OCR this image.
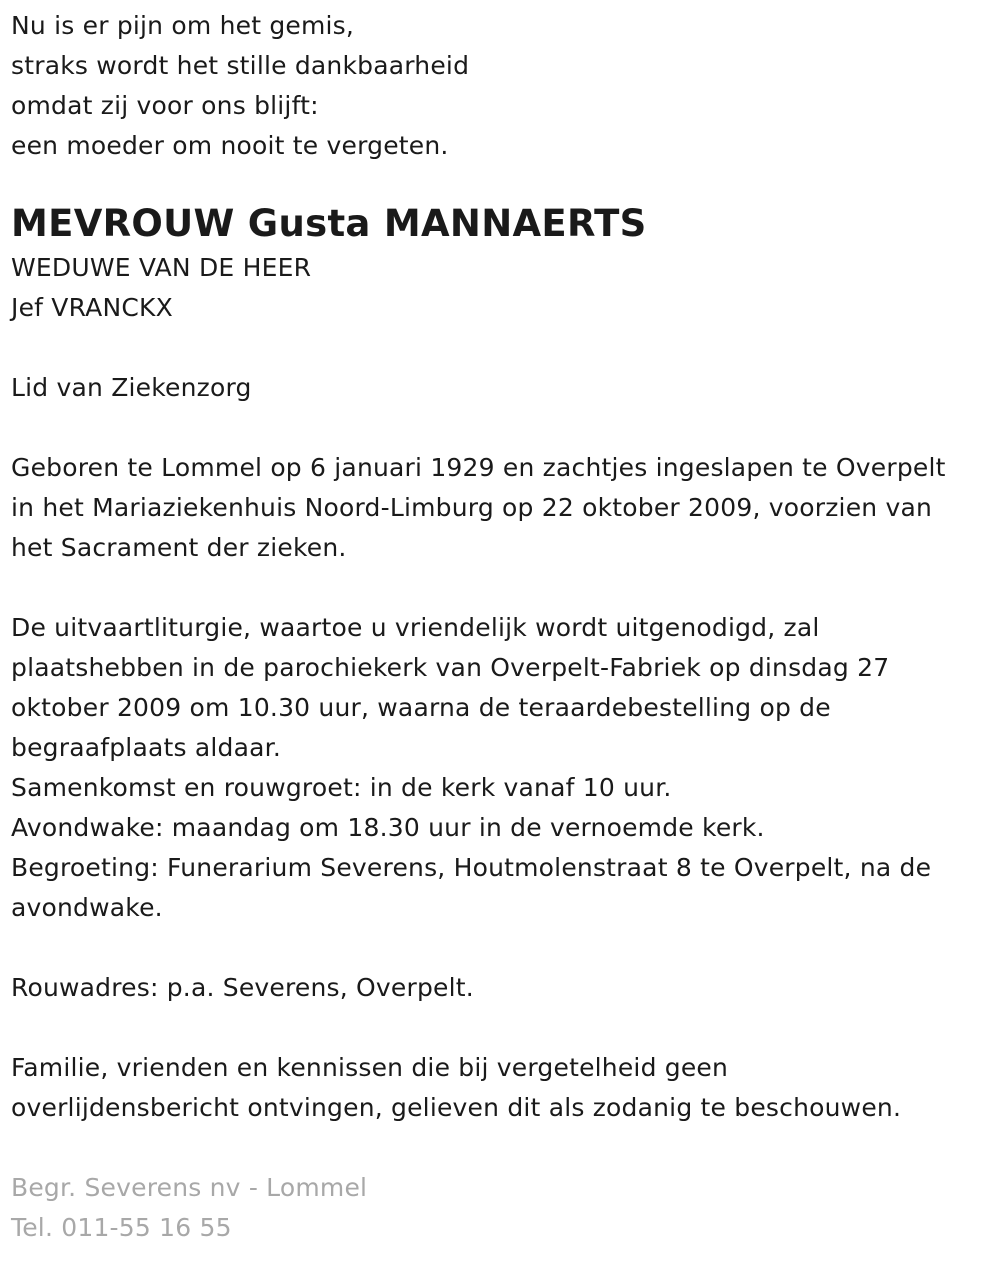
Nu is er pijn om het gemis,
straks wordt het stille dankbaarheid
omdat zij voor ons blijft:
een moeder om nooit te vergeten.
MEVROUW Gusta MANNAERTS
WEDUWE VAN DE HEER
Jef VRANCKX
Lid van Ziekenzorg
Geboren te Lommel op 6 januari 1929 en zachtjes ingeslapen te Overpelt
in het Mariaziekenhuis Noord-Limburg op 22 oktober 2009, voorzien van
het Sacrament der zieken.
De uitvaartliturgie, waartoe u vriendelijk wordt uitgenodigd, zal
plaatshebben in de parochiekerk van Overpelt-Fabriek op dinsdag 27
oktober 2009 om 10.30 uur, waarna de teraardebestelling op de
begraafplaats aldaar.
Samenkomst en rouwgroet: in de kerk vanaf 10 uur.
Avondwake: maandag om 18.30 uur in de vernoemde kerk.
Begroeting: Funerarium Severens, Houtmolenstraat 8 te Overpelt, na de
avondwake.
Rouwadres: p.a. Severens, Overpelt.
Familie, vrienden en kennissen die bij vergetelheid geen
overlijdensbericht ontvingen, gelieven dit als zodanig te beschouwen.
Begr. Severens nv - Lommel
Tel. 011-55 16 55
